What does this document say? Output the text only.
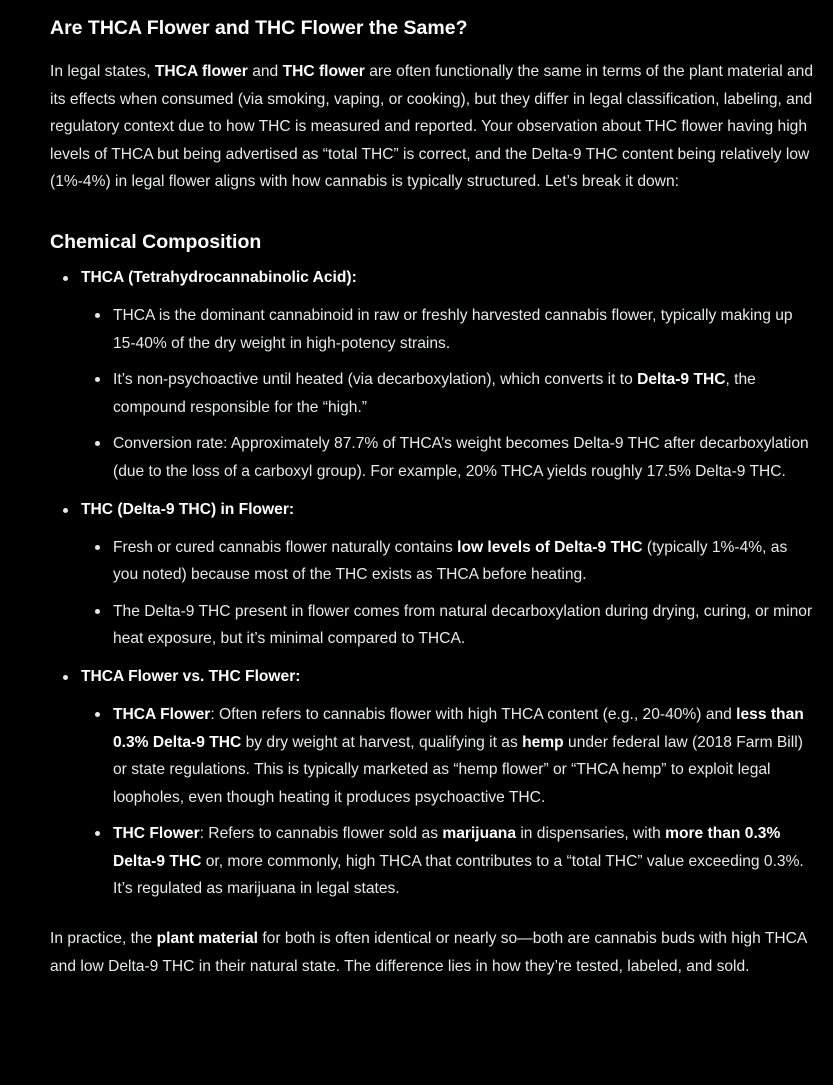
Are THCA Flower and THC Flower the Same?

In legal states, THCA flower and THC flower are often functionally the same in terms of the plant material and its effects when consumed (via smoking, vaping, or cooking), but they differ in legal classification, labeling, and regulatory context due to how THC is measured and reported. Your observation about THC flower having high levels of THCA but being advertised as “total THC” is correct, and the Delta-9 THC content being relatively low (1%-4%) in legal flower aligns with how cannabis is typically structured. Let’s break it down:

Chemical Composition
THCA (Tetrahydrocannabinolic Acid):
THCA is the dominant cannabinoid in raw or freshly harvested cannabis flower, typically making up 15-40% of the dry weight in high-potency strains.
It’s non-psychoactive until heated (via decarboxylation), which converts it to Delta-9 THC, the compound responsible for the “high.”
Conversion rate: Approximately 87.7% of THCA’s weight becomes Delta-9 THC after decarboxylation (due to the loss of a carboxyl group). For example, 20% THCA yields roughly 17.5% Delta-9 THC.
THC (Delta-9 THC) in Flower:
Fresh or cured cannabis flower naturally contains low levels of Delta-9 THC (typically 1%-4%, as you noted) because most of the THC exists as THCA before heating.
The Delta-9 THC present in flower comes from natural decarboxylation during drying, curing, or minor heat exposure, but it’s minimal compared to THCA.
THCA Flower vs. THC Flower:
THCA Flower: Often refers to cannabis flower with high THCA content (e.g., 20-40%) and less than 0.3% Delta-9 THC by dry weight at harvest, qualifying it as hemp under federal law (2018 Farm Bill) or state regulations. This is typically marketed as “hemp flower” or “THCA hemp” to exploit legal loopholes, even though heating it produces psychoactive THC.
THC Flower: Refers to cannabis flower sold as marijuana in dispensaries, with more than 0.3% Delta-9 THC or, more commonly, high THCA that contributes to a “total THC” value exceeding 0.3%. It’s regulated as marijuana in legal states.

In practice, the plant material for both is often identical or nearly so—both are cannabis buds with high THCA and low Delta-9 THC in their natural state. The difference lies in how they’re tested, labeled, and sold.
